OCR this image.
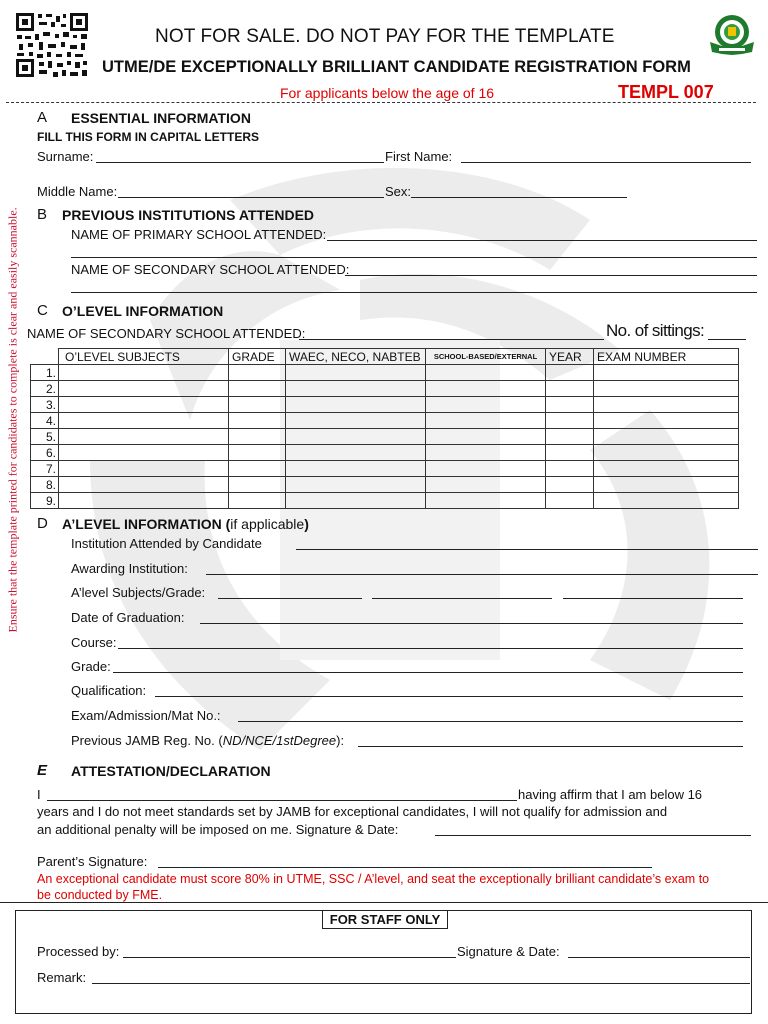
NOT FOR SALE. DO NOT PAY FOR THE TEMPLATE
UTME/DE EXCEPTIONALLY BRILLIANT CANDIDATE REGISTRATION FORM
For applicants below the age of 16	TEMPL 007
Ensure that the template printed for candidates to complete is clear and easily scannable.
A ESSENTIAL INFORMATION
FILL THIS FORM IN CAPITAL LETTERS
Surname:	First Name:
Middle Name:	Sex:
B PREVIOUS INSTITUTIONS ATTENDED
NAME OF PRIMARY SCHOOL ATTENDED:
NAME OF SECONDARY SCHOOL ATTENDED:
C O’LEVEL INFORMATION
NAME OF SECONDARY SCHOOL ATTENDED:	No. of sittings:
	O’LEVEL SUBJECTS	GRADE	WAEC, NECO, NABTEB	SCHOOL-BASED/EXTERNAL	YEAR	EXAM NUMBER
1.						
2.						
3.						
4.						
5.						
6.						
7.						
8.						
9.						
D A’LEVEL INFORMATION (if applicable)
Institution Attended by Candidate
Awarding Institution:
A’level Subjects/Grade:
Date of Graduation:
Course:
Grade:
Qualification:
Exam/Admission/Mat No.:
Previous JAMB Reg. No. (ND/NCE/1stDegree):
E ATTESTATION/DECLARATION
I	having affirm that I am below 16
years and I do not meet standards set by JAMB for exceptional candidates, I will not qualify for admission and
an additional penalty will be imposed on me. Signature & Date:
Parent’s Signature:
An exceptional candidate must score 80% in UTME, SSC / A’level, and seat the exceptionally brilliant candidate’s exam to
be conducted by FME.
FOR STAFF ONLY
Processed by:	Signature & Date:
Remark:
